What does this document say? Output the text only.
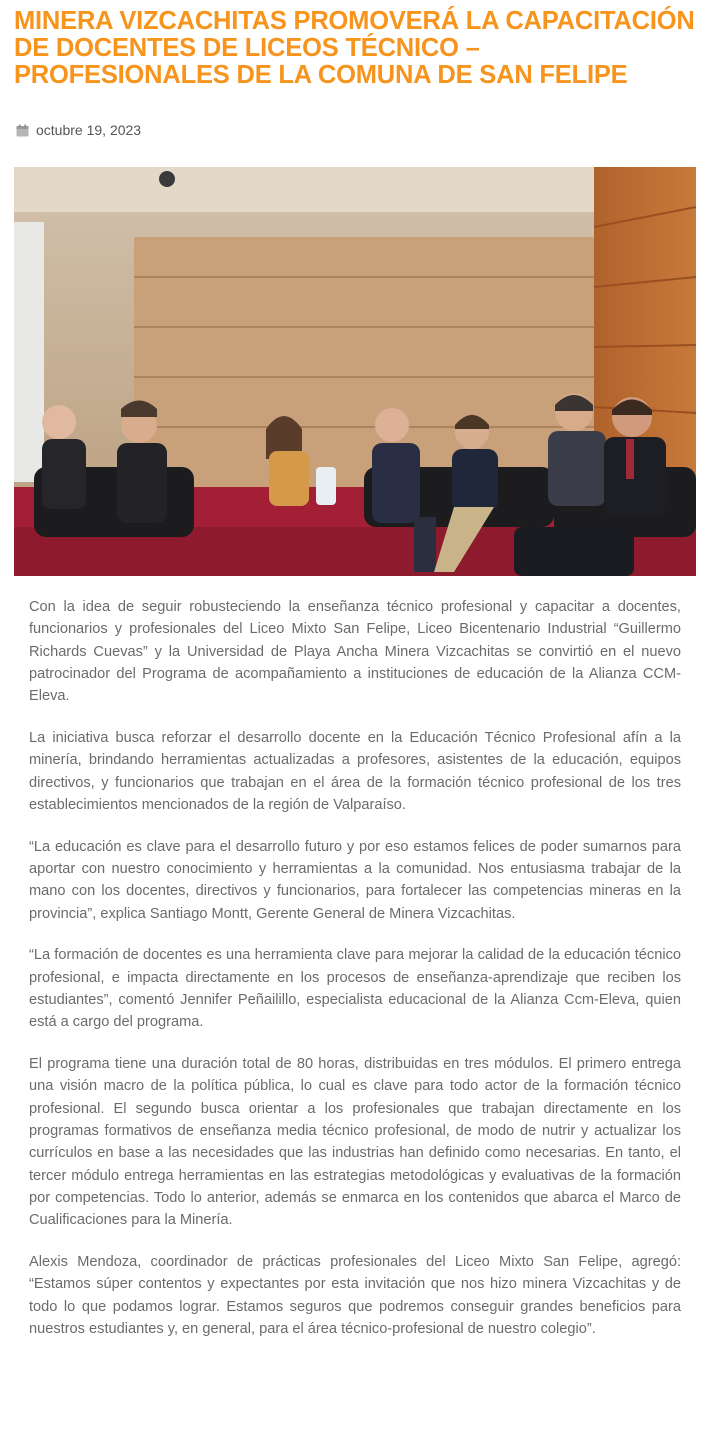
MINERA VIZCACHITAS PROMOVERÁ LA CAPACITACIÓN DE DOCENTES DE LICEOS TÉCNICO – PROFESIONALES DE LA COMUNA DE SAN FELIPE
octubre 19, 2023

Con la idea de seguir robusteciendo la enseñanza técnico profesional y capacitar a docentes, funcionarios y profesionales del Liceo Mixto San Felipe, Liceo Bicentenario Industrial “Guillermo Richards Cuevas” y la Universidad de Playa Ancha Minera Vizcachitas se convirtió en el nuevo patrocinador del Programa de acompañamiento a instituciones de educación de la Alianza CCM-Eleva.

La iniciativa busca reforzar el desarrollo docente en la Educación Técnico Profesional afín a la minería, brindando herramientas actualizadas a profesores, asistentes de la educación, equipos directivos, y funcionarios que trabajan en el área de la formación técnico profesional de los tres establecimientos mencionados de la región de Valparaíso.

“La educación es clave para el desarrollo futuro y por eso estamos felices de poder sumarnos para aportar con nuestro conocimiento y herramientas a la comunidad. Nos entusiasma trabajar de la mano con los docentes, directivos y funcionarios, para fortalecer las competencias mineras en la provincia”, explica Santiago Montt, Gerente General de Minera Vizcachitas.

“La formación de docentes es una herramienta clave para mejorar la calidad de la educación técnico profesional, e impacta directamente en los procesos de enseñanza-aprendizaje que reciben los estudiantes”, comentó Jennifer Peñailillo, especialista educacional de la Alianza Ccm-Eleva, quien está a cargo del programa.

El programa tiene una duración total de 80 horas, distribuidas en tres módulos. El primero entrega una visión macro de la política pública, lo cual es clave para todo actor de la formación técnico profesional. El segundo busca orientar a los profesionales que trabajan directamente en los programas formativos de enseñanza media técnico profesional, de modo de nutrir y actualizar los currículos en base a las necesidades que las industrias han definido como necesarias. En tanto, el tercer módulo entrega herramientas en las estrategias metodológicas y evaluativas de la formación por competencias. Todo lo anterior, además se enmarca en los contenidos que abarca el Marco de Cualificaciones para la Minería.

Alexis Mendoza, coordinador de prácticas profesionales del Liceo Mixto San Felipe, agregó: “Estamos súper contentos y expectantes por esta invitación que nos hizo minera Vizcachitas y de todo lo que podamos lograr. Estamos seguros que podremos conseguir grandes beneficios para nuestros estudiantes y, en general, para el área técnico-profesional de nuestro colegio”.
